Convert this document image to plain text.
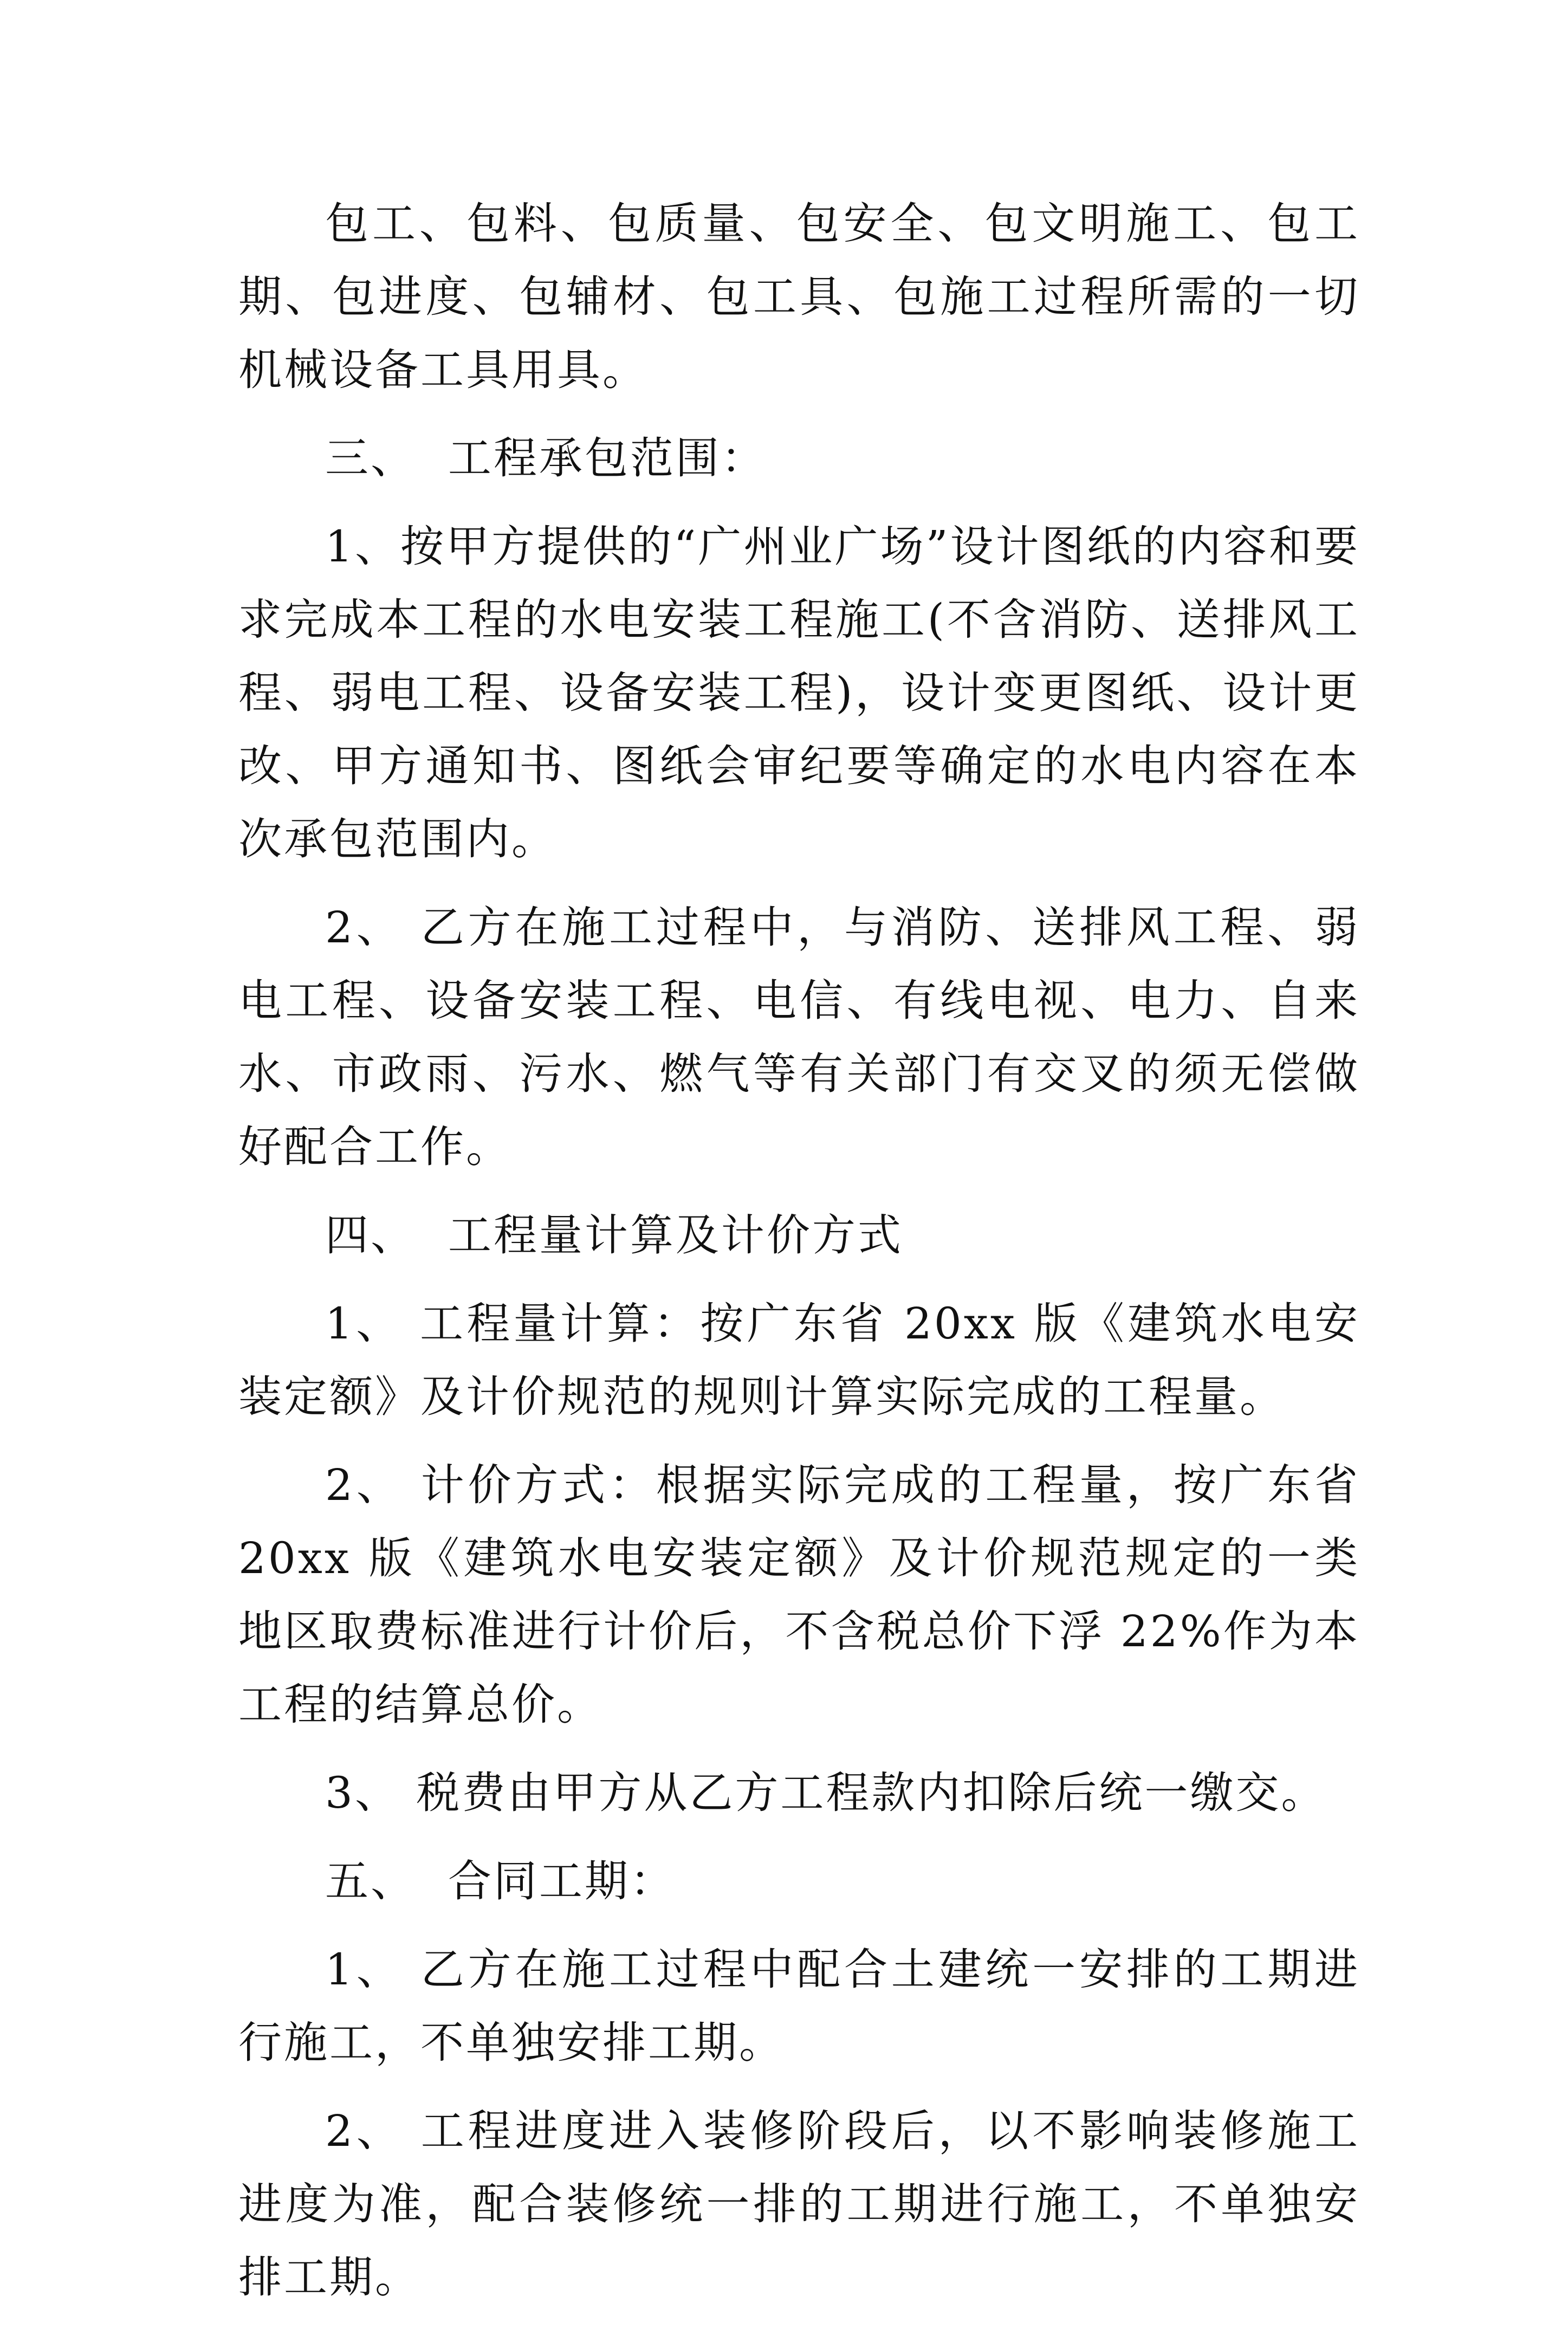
包工、包料、包质量、包安全、包文明施工、包工期、包进度、包辅材、包工具、包施工过程所需的一切机械设备工具用具。

三、  工程承包范围：

1、按甲方提供的“广州业广场”设计图纸的内容和要求完成本工程的水电安装工程施工(不含消防、送排风工程、弱电工程、设备安装工程)，设计变更图纸、设计更改、甲方通知书、图纸会审纪要等确定的水电内容在本次承包范围内。

2、 乙方在施工过程中，与消防、送排风工程、弱电工程、设备安装工程、电信、有线电视、电力、自来水、市政雨、污水、燃气等有关部门有交叉的须无偿做好配合工作。

四、  工程量计算及计价方式

1、 工程量计算：按广东省 20xx 版《建筑水电安装定额》及计价规范的规则计算实际完成的工程量。

2、 计价方式：根据实际完成的工程量，按广东省 20xx 版《建筑水电安装定额》及计价规范规定的一类地区取费标准进行计价后，不含税总价下浮 22%作为本工程的结算总价。

3、 税费由甲方从乙方工程款内扣除后统一缴交。

五、  合同工期：

1、 乙方在施工过程中配合土建统一安排的工期进行施工，不单独安排工期。

2、 工程进度进入装修阶段后，以不影响装修施工进度为准，配合装修统一排的工期进行施工，不单独安排工期。
